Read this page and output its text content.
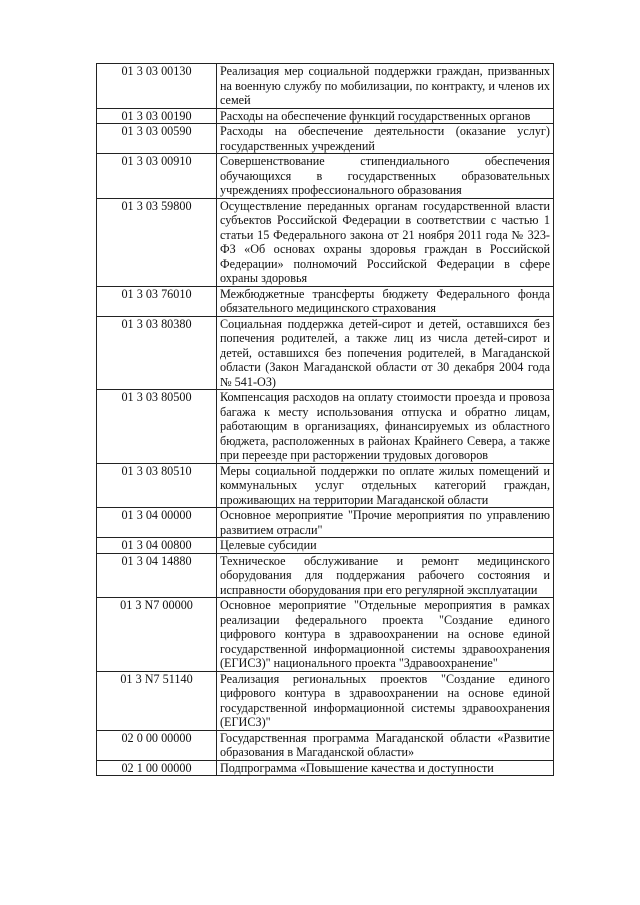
01 3 03 00130	Реализация мер социальной поддержки граждан, призванных на военную службу по мобилизации, по контракту, и членов их семей
01 3 03 00190	Расходы на обеспечение функций государственных органов
01 3 03 00590	Расходы на обеспечение деятельности (оказание услуг) государственных учреждений
01 3 03 00910	Совершенствование стипендиального обеспечения обучающихся в государственных образовательных учреждениях профессионального образования
01 3 03 59800	Осуществление переданных органам государственной власти субъектов Российской Федерации в соответствии с частью 1 статьи 15 Федерального закона от 21 ноября 2011 года № 323-ФЗ «Об основах охраны здоровья граждан в Российской Федерации» полномочий Российской Федерации в сфере охраны здоровья
01 3 03 76010	Межбюджетные трансферты бюджету Федерального фонда обязательного медицинского страхования
01 3 03 80380	Социальная поддержка детей-сирот и детей, оставшихся без попечения родителей, а также лиц из числа детей-сирот и детей, оставшихся без попечения родителей, в Магаданской области (Закон Магаданской области от 30 декабря 2004 года № 541-ОЗ)
01 3 03 80500	Компенсация расходов на оплату стоимости проезда и провоза багажа к месту использования отпуска и обратно лицам, работающим в организациях, финансируемых из областного бюджета, расположенных в районах Крайнего Севера, а также при переезде при расторжении трудовых договоров
01 3 03 80510	Меры социальной поддержки по оплате жилых помещений и коммунальных услуг отдельных категорий граждан, проживающих на территории Магаданской области
01 3 04 00000	Основное мероприятие "Прочие мероприятия по управлению развитием отрасли"
01 3 04 00800	Целевые субсидии
01 3 04 14880	Техническое обслуживание и ремонт медицинского оборудования для поддержания рабочего состояния и исправности оборудования при его регулярной эксплуатации
01 3 N7 00000	Основное мероприятие "Отдельные мероприятия в рамках реализации федерального проекта "Создание единого цифрового контура в здравоохранении на основе единой государственной информационной системы здравоохранения (ЕГИСЗ)" национального проекта "Здравоохранение"
01 3 N7 51140	Реализация региональных проектов "Создание единого цифрового контура в здравоохранении на основе единой государственной информационной системы здравоохранения (ЕГИСЗ)"
02 0 00 00000	Государственная программа Магаданской области «Развитие образования в Магаданской области»
02 1 00 00000	Подпрограмма «Повышение качества и доступности
